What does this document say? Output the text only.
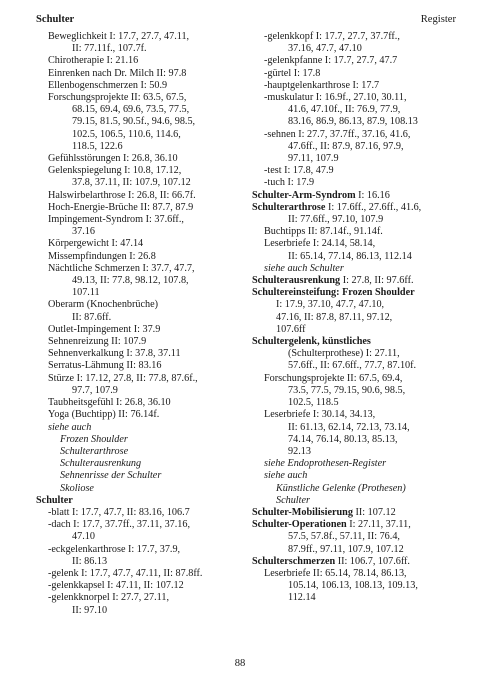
Schulter	Register
Beweglichkeit I: 17.7, 27.7, 47.11,
II: 77.11f., 107.7f.
Chirotherapie I: 21.16
Einrenken nach Dr. Milch II: 97.8
Ellenbogenschmerzen I: 50.9
Forschungsprojekte II: 63.5, 67.5,
68.15, 69.4, 69.6, 73.5, 77.5,
79.15, 81.5, 90.5f., 94.6, 98.5,
102.5, 106.5, 110.6, 114.6,
118.5, 122.6
Gefühlsstörungen I: 26.8, 36.10
Gelenkspiegelung I: 10.8, 17.12,
37.8, 37.11, II: 107.9, 107.12
Halswirbelarthrose I: 26.8, II: 66.7f.
Hoch-Energie-Brüche II: 87.7, 87.9
Impingement-Syndrom I: 37.6ff.,
37.16
Körpergewicht I: 47.14
Missempfindungen I: 26.8
Nächtliche Schmerzen I: 37.7, 47.7,
49.13, II: 77.8, 98.12, 107.8,
107.11
Oberarm (Knochenbrüche)
II: 87.6ff.
Outlet-Impingement I: 37.9
Sehnenreizung II: 107.9
Sehnenverkalkung I: 37.8, 37.11
Serratus-Lähmung II: 83.16
Stürze I: 17.12, 27.8, II: 77.8, 87.6f.,
97.7, 107.9
Taubheitsgefühl I: 26.8, 36.10
Yoga (Buchtipp) II: 76.14f.
siehe auch
Frozen Shoulder
Schulterarthrose
Schulterausrenkung
Sehnenrisse der Schulter
Skoliose
Schulter
-blatt I: 17.7, 47.7, II: 83.16, 106.7
-dach I: 17.7, 37.7ff., 37.11, 37.16,
47.10
-eckgelenkarthrose I: 17.7, 37.9,
II: 86.13
-gelenk I: 17.7, 47.7, 47.11, II: 87.8ff.
-gelenkkapsel I: 47.11, II: 107.12
-gelenkknorpel I: 27.7, 27.11,
II: 97.10
-gelenkkopf I: 17.7, 27.7, 37.7ff.,
37.16, 47.7, 47.10
-gelenkpfanne I: 17.7, 27.7, 47.7
-gürtel I: 17.8
-hauptgelenkarthrose I: 17.7
-muskulatur I: 16.9f., 27.10, 30.11,
41.6, 47.10f., II: 76.9, 77.9,
83.16, 86.9, 86.13, 87.9, 108.13
-sehnen I: 27.7, 37.7ff., 37.16, 41.6,
47.6ff., II: 87.9, 87.16, 97.9,
97.11, 107.9
-test I: 17.8, 47.9
-tuch I: 17.9
Schulter-Arm-Syndrom I: 16.16
Schulterarthrose I: 17.6ff., 27.6ff., 41.6,
II: 77.6ff., 97.10, 107.9
Buchtipps II: 87.14f., 91.14f.
Leserbriefe I: 24.14, 58.14,
II: 65.14, 77.14, 86.13, 112.14
siehe auch Schulter
Schulterausrenkung I: 27.8, II: 97.6ff.
Schultereinsteifung: Frozen Shoulder
I: 17.9, 37.10, 47.7, 47.10,
47.16, II: 87.8, 87.11, 97.12,
107.6ff
Schultergelenk, künstliches
(Schulterprothese) I: 27.11,
57.6ff., II: 67.6ff., 77.7, 87.10f.
Forschungsprojekte II: 67.5, 69.4,
73.5, 77.5, 79.15, 90.6, 98.5,
102.5, 118.5
Leserbriefe I: 30.14, 34.13,
II: 61.13, 62.14, 72.13, 73.14,
74.14, 76.14, 80.13, 85.13,
92.13
siehe Endoprothesen-Register
siehe auch
Künstliche Gelenke (Prothesen)
Schulter
Schulter-Mobilisierung II: 107.12
Schulter-Operationen I: 27.11, 37.11,
57.5, 57.8f., 57.11, II: 76.4,
87.9ff., 97.11, 107.9, 107.12
Schulterschmerzen II: 106.7, 107.6ff.
Leserbriefe II: 65.14, 78.14, 86.13,
105.14, 106.13, 108.13, 109.13,
112.14
88
